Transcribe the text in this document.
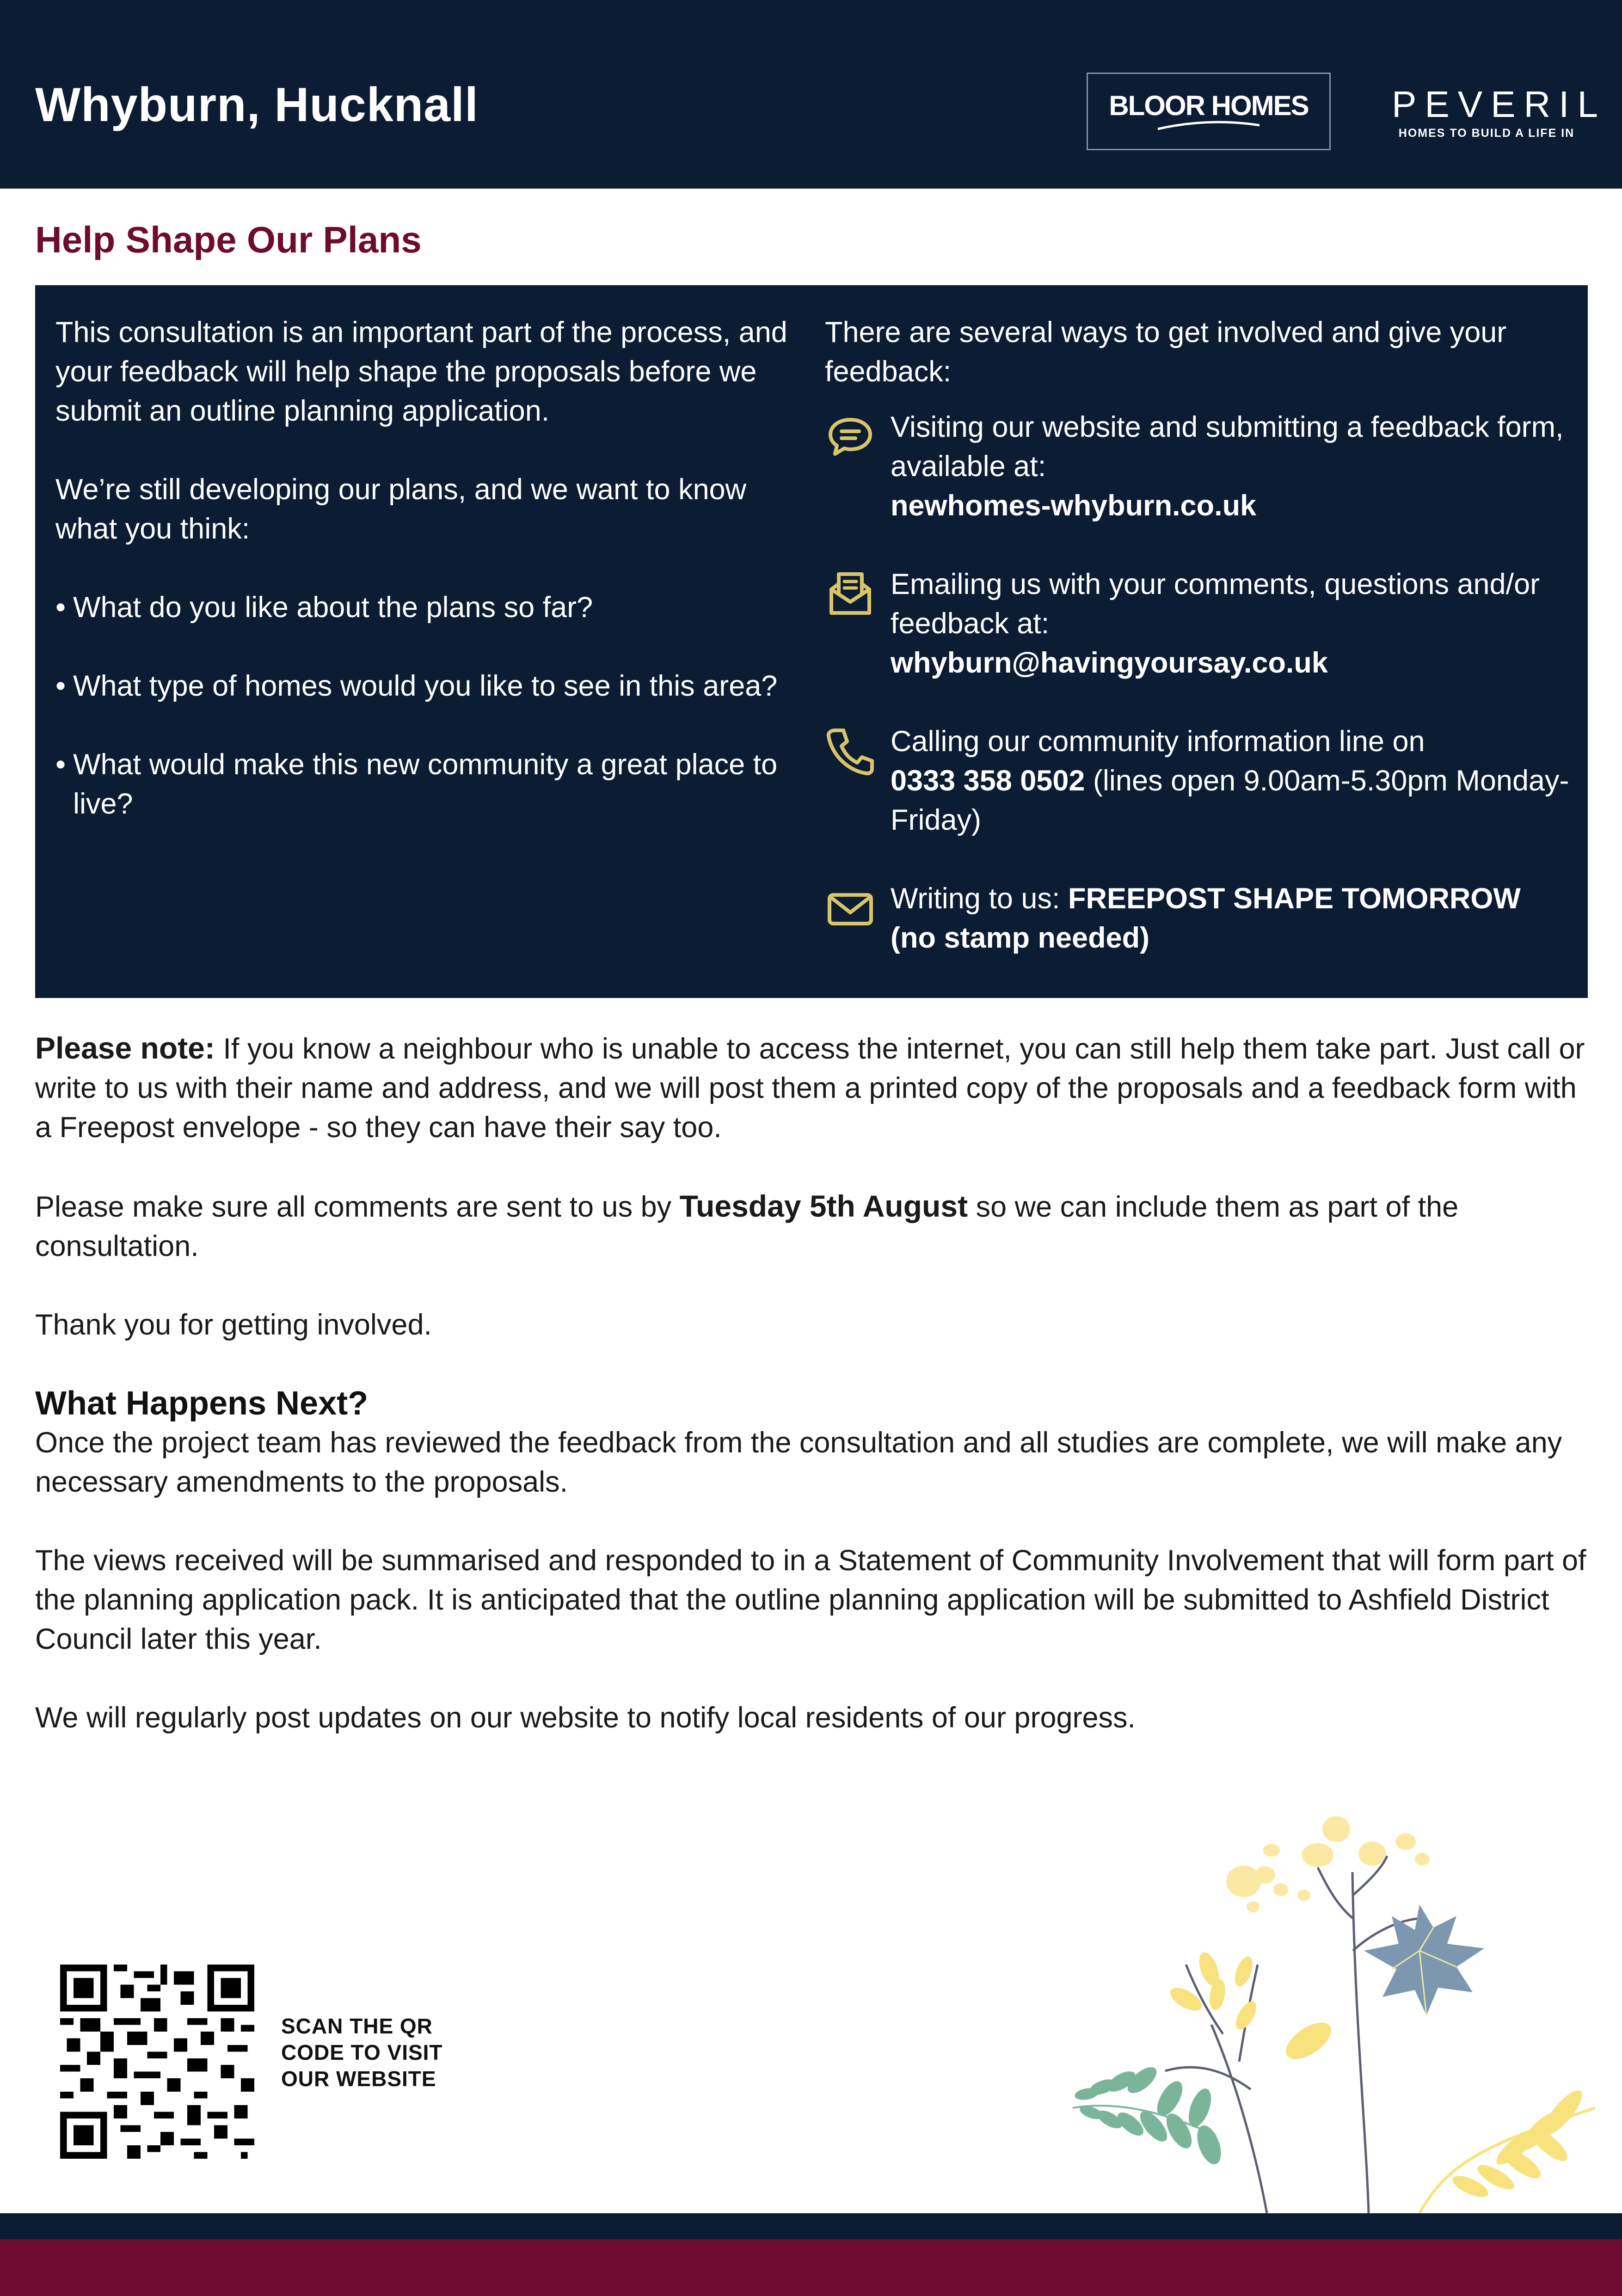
Whyburn, Hucknall	BLOOR HOMES PEVERIL
HOMES TO BUILD A LIFE IN
Help Shape Our Plans

This consultation is an important part of the process, and your feedback will help shape the proposals before we submit an outline planning application.

We’re still developing our plans, and we want to know what you think:

• What do you like about the plans so far?
• What type of homes would you like to see in this area?
• What would make this new community a great place to live?

There are several ways to get involved and give your feedback:

Visiting our website and submitting a feedback form, available at:
newhomes-whyburn.co.uk
Emailing us with your comments, questions and/or feedback at:
whyburn@havingyoursay.co.uk
Calling our community information line on
0333 358 0502 (lines open 9.00am-5.30pm Monday-Friday)
Writing to us: FREEPOST SHAPE TOMORROW (no stamp needed)

Please note: If you know a neighbour who is unable to access the internet, you can still help them take part. Just call or write to us with their name and address, and we will post them a printed copy of the proposals and a feedback form with a Freepost envelope - so they can have their say too.

Please make sure all comments are sent to us by Tuesday 5th August so we can include them as part of the consultation.

Thank you for getting involved.

What Happens Next?

Once the project team has reviewed the feedback from the consultation and all studies are complete, we will make any necessary amendments to the proposals.

The views received will be summarised and responded to in a Statement of Community Involvement that will form part of the planning application pack. It is anticipated that the outline planning application will be submitted to Ashfield District Council later this year.

We will regularly post updates on our website to notify local residents of our progress.

SCAN THE QR
CODE TO VISIT
OUR WEBSITE
